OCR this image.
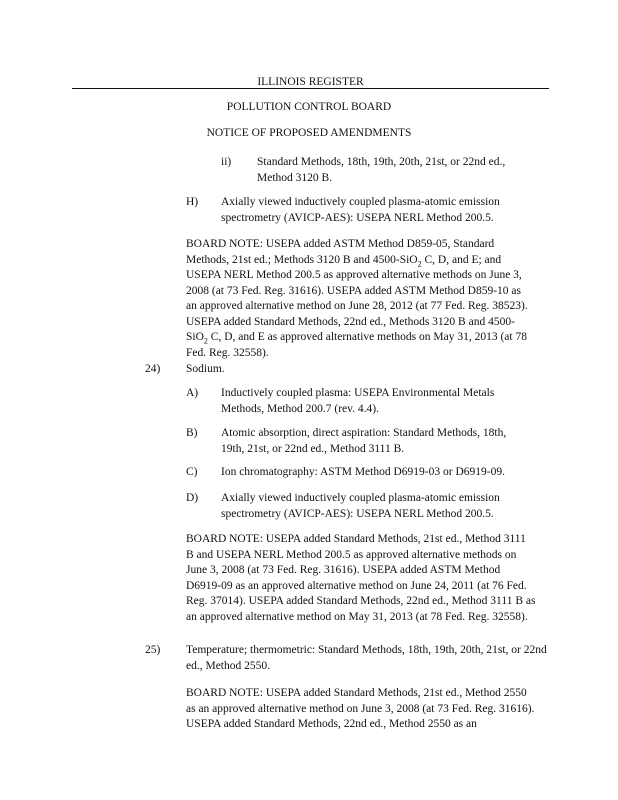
ILLINOIS REGISTER
POLLUTION CONTROL BOARD
NOTICE OF PROPOSED AMENDMENTS
ii) Standard Methods, 18th, 19th, 20th, 21st, or 22nd ed., Method 3120 B.
H) Axially viewed inductively coupled plasma-atomic emission spectrometry (AVICP-AES): USEPA NERL Method 200.5.
BOARD NOTE: USEPA added ASTM Method D859-05, Standard Methods, 21st ed.; Methods 3120 B and 4500-SiO$_2$ C, D, and E; and USEPA NERL Method 200.5 as approved alternative methods on June 3, 2008 (at 73 Fed. Reg. 31616). USEPA added ASTM Method D859-10 as an approved alternative method on June 28, 2012 (at 77 Fed. Reg. 38523). USEPA added Standard Methods, 22nd ed., Methods 3120 B and 4500-SiO$_2$ C, D, and E as approved alternative methods on May 31, 2013 (at 78 Fed. Reg. 32558).
24) Sodium.
A) Inductively coupled plasma: USEPA Environmental Metals Methods, Method 200.7 (rev. 4.4).
B) Atomic absorption, direct aspiration: Standard Methods, 18th, 19th, 21st, or 22nd ed., Method 3111 B.
C) Ion chromatography: ASTM Method D6919-03 or D6919-09.
D) Axially viewed inductively coupled plasma-atomic emission spectrometry (AVICP-AES): USEPA NERL Method 200.5.
BOARD NOTE: USEPA added Standard Methods, 21st ed., Method 3111 B and USEPA NERL Method 200.5 as approved alternative methods on June 3, 2008 (at 73 Fed. Reg. 31616). USEPA added ASTM Method D6919-09 as an approved alternative method on June 24, 2011 (at 76 Fed. Reg. 37014). USEPA added Standard Methods, 22nd ed., Method 3111 B as an approved alternative method on May 31, 2013 (at 78 Fed. Reg. 32558).
25) Temperature; thermometric: Standard Methods, 18th, 19th, 20th, 21st, or 22nd ed., Method 2550.
BOARD NOTE: USEPA added Standard Methods, 21st ed., Method 2550 as an approved alternative method on June 3, 2008 (at 73 Fed. Reg. 31616). USEPA added Standard Methods, 22nd ed., Method 2550 as an
